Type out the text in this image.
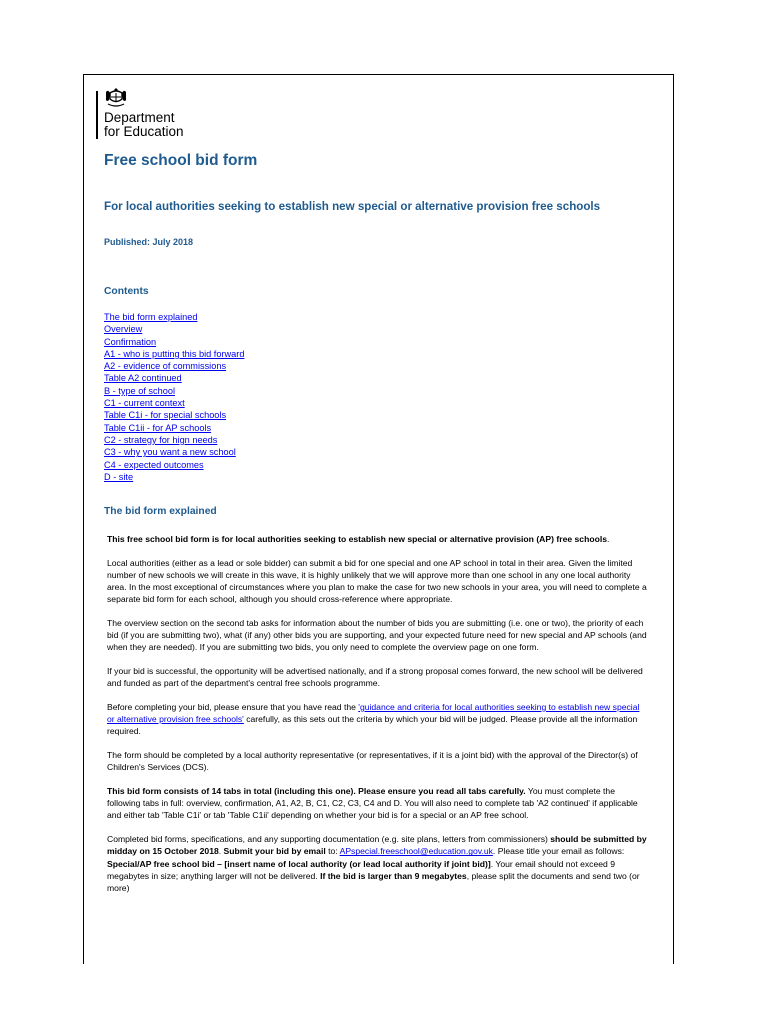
Department
for Education
Free school bid form
For local authorities seeking to establish new special or alternative provision free schools
Published: July 2018
Contents
The bid form explained
Overview
Confirmation
A1 - who is putting this bid forward
A2 - evidence of commissions
Table A2 continued
B - type of school
C1 - current context
Table C1i - for special schools
Table C1ii - for AP schools
C2 - strategy for hign needs
C3 - why you want a new school
C4 - expected outcomes
D - site
The bid form explained

This free school bid form is for local authorities seeking to establish new special or alternative provision (AP) free schools.

Local authorities (either as a lead or sole bidder) can submit a bid for one special and one AP school in total in their area. Given the limited number of new schools we will create in this wave, it is highly unlikely that we will approve more than one school in any one local authority area. In the most exceptional of circumstances where you plan to make the case for two new schools in your area, you will need to complete a separate bid form for each school, although you should cross-reference where appropriate.

The overview section on the second tab asks for information about the number of bids you are submitting (i.e. one or two), the priority of each bid (if you are submitting two), what (if any) other bids you are supporting, and your expected future need for new special and AP schools (and when they are needed). If you are submitting two bids, you only need to complete the overview page on one form.

If your bid is successful, the opportunity will be advertised nationally, and if a strong proposal comes forward, the new school will be delivered and funded as part of the department's central free schools programme.

Before completing your bid, please ensure that you have read the 'guidance and criteria for local authorities seeking to establish new special or alternative provision free schools' carefully, as this sets out the criteria by which your bid will be judged. Please provide all the information required.

The form should be completed by a local authority representative (or representatives, if it is a joint bid) with the approval of the Director(s) of Children's Services (DCS).

This bid form consists of 14 tabs in total (including this one). Please ensure you read all tabs carefully. You must complete the following tabs in full: overview, confirmation, A1, A2, B, C1, C2, C3, C4 and D. You will also need to complete tab 'A2 continued' if applicable and either tab 'Table C1i' or tab 'Table C1ii' depending on whether your bid is for a special or an AP free school.

Completed bid forms, specifications, and any supporting documentation (e.g. site plans, letters from commissioners) should be submitted by midday on 15 October 2018. Submit your bid by email to: APspecial.freeschool@education.gov.uk. Please title your email as follows: Special/AP free school bid – [insert name of local authority (or lead local authority if joint bid)]. Your email should not exceed 9 megabytes in size; anything larger will not be delivered. If the bid is larger than 9 megabytes, please split the documents and send two (or more)
